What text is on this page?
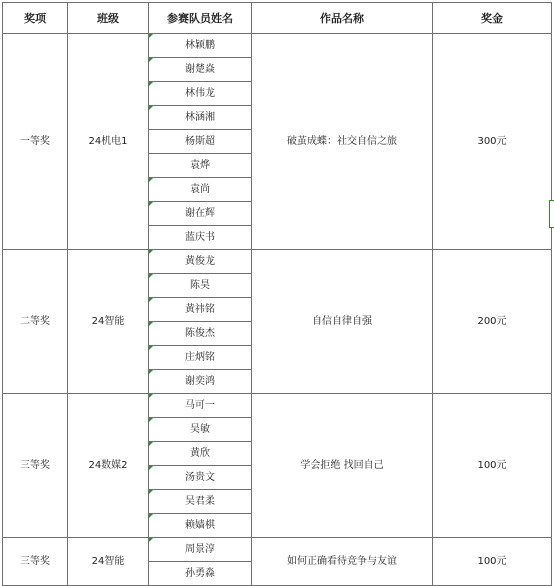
奖项	班级	参赛队员姓名	作品名称	奖金
一等奖	24机电1	林颖鹏	破茧成蝶：社交自信之旅	300元
		谢楚焱		
		林伟龙		
		林涵湘		
		杨斯超		
		袁烨		
		袁尚		
		谢在辉		
		蓝庆书		
二等奖	24智能	黄俊龙	自信自律自强	200元
		陈昊		
		黄祎铭		
		陈俊杰		
		庄炳铭		
		谢奕鸿		
三等奖	24数媒2	马可一	学会拒绝 找回自己	100元
		吴敏		
		黄欣		
		汤贵文		
		吴君柔		
		赖嫱棋		
三等奖	24智能	周景淳	如何正确看待竞争与友谊	100元
		孙勇淼		
